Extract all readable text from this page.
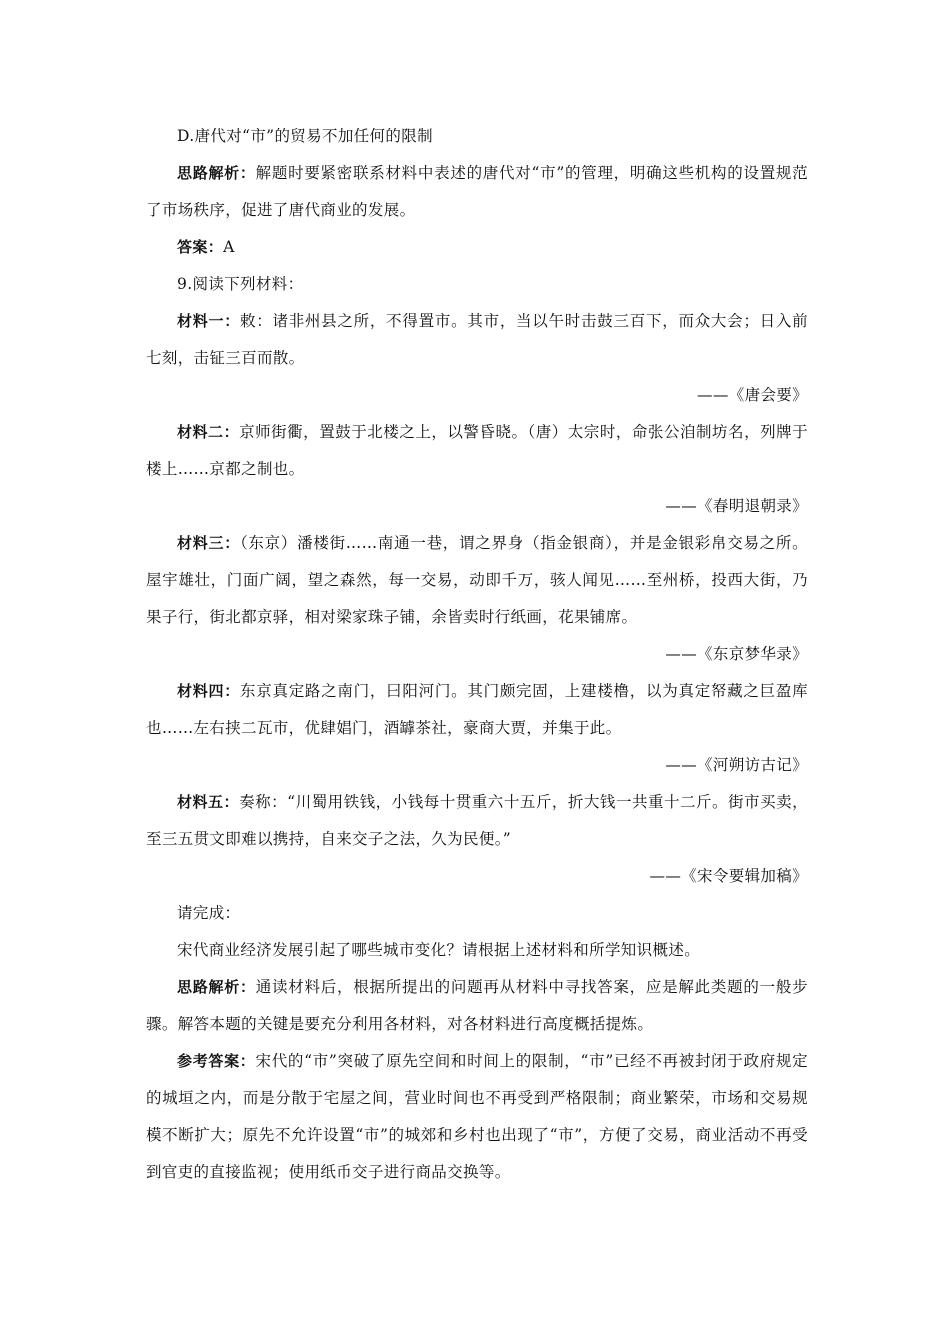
D.唐代对“市”的贸易不加任何的限制

思路解析：解题时要紧密联系材料中表述的唐代对“市”的管理，明确这些机构的设置规范了市场秩序，促进了唐代商业的发展。

答案：A

9.阅读下列材料：

材料一：敕：诸非州县之所，不得置市。其市，当以午时击鼓三百下，而众大会；日入前七刻，击钲三百而散。

——《唐会要》

材料二：京师街衢，置鼓于北楼之上，以警昏晓。（唐）太宗时，命张公洎制坊名，列牌于楼上……京都之制也。

——《春明退朝录》

材料三：（东京）潘楼街……南通一巷，谓之界身（指金银商），并是金银彩帛交易之所。屋宇雄壮，门面广阔，望之森然，每一交易，动即千万，骇人闻见……至州桥，投西大街，乃果子行，街北都京驿，相对梁家珠子铺，余皆卖时行纸画，花果铺席。

——《东京梦华录》

材料四：东京真定路之南门，曰阳河门。其门颇完固，上建楼橹，以为真定帑藏之巨盈库也……左右挟二瓦市，优肆娼门，酒罅茶社，豪商大贾，并集于此。

——《河朔访古记》

材料五：奏称：“川蜀用铁钱，小钱每十贯重六十五斤，折大钱一共重十二斤。街市买卖，至三五贯文即难以携持，自来交子之法，久为民便。”

——《宋令要辑加稿》

请完成：

宋代商业经济发展引起了哪些城市变化？请根据上述材料和所学知识概述。

思路解析：通读材料后，根据所提出的问题再从材料中寻找答案，应是解此类题的一般步骤。解答本题的关键是要充分利用各材料，对各材料进行高度概括提炼。

参考答案：宋代的“市”突破了原先空间和时间上的限制，“市”已经不再被封闭于政府规定的城垣之内，而是分散于宅屋之间，营业时间也不再受到严格限制；商业繁荣，市场和交易规模不断扩大；原先不允许设置“市”的城郊和乡村也出现了“市”，方便了交易，商业活动不再受到官吏的直接监视；使用纸币交子进行商品交换等。
